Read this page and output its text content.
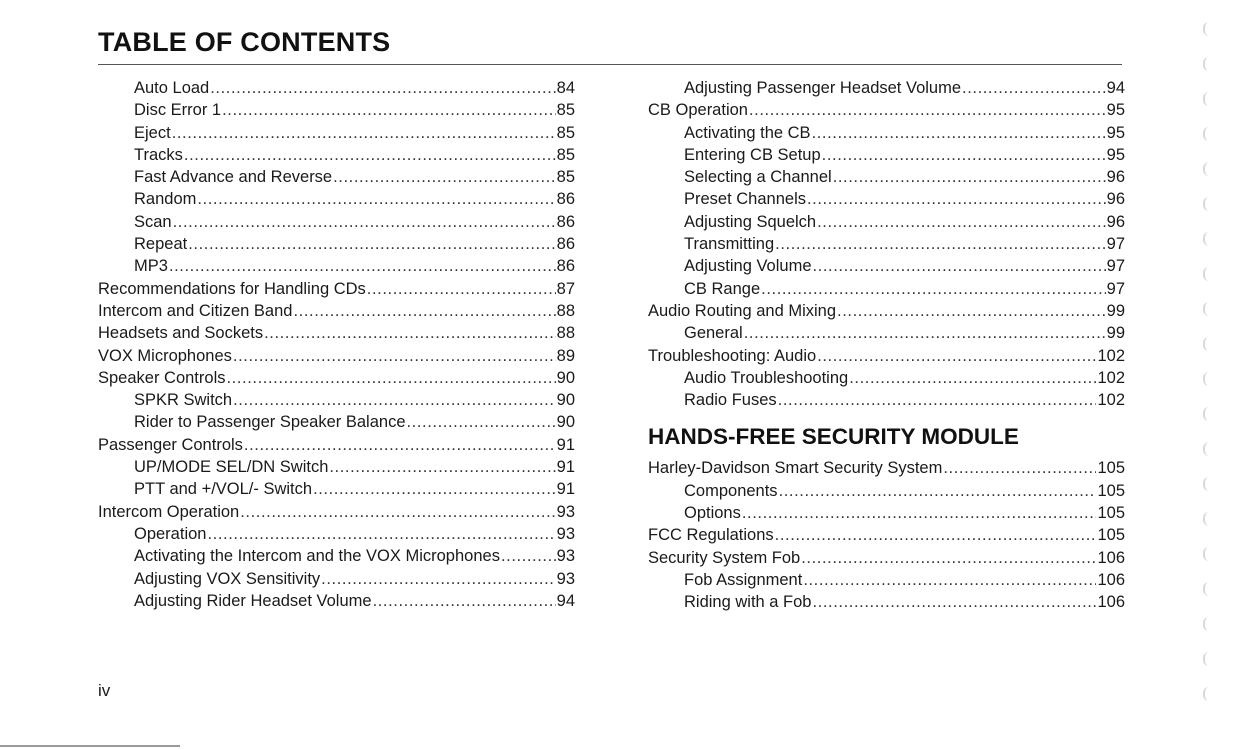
TABLE OF CONTENTS
Auto Load .....	84
Disc Error 1 .....	85
Eject .....	85
Tracks .....	85
Fast Advance and Reverse .....	85
Random .....	86
Scan .....	86
Repeat .....	86
MP3 .....	86
Recommendations for Handling CDs .....	87
Intercom and Citizen Band .....	88
Headsets and Sockets .....	88
VOX Microphones .....	89
Speaker Controls .....	90
SPKR Switch .....	90
Rider to Passenger Speaker Balance .....	90
Passenger Controls .....	91
UP/MODE SEL/DN Switch .....	91
PTT and +/VOL/- Switch .....	91
Intercom Operation .....	93
Operation .....	93
Activating the Intercom and the VOX Microphones .....	93
Adjusting VOX Sensitivity .....	93
Adjusting Rider Headset Volume .....	94
Adjusting Passenger Headset Volume .....	94
CB Operation .....	95
Activating the CB .....	95
Entering CB Setup .....	95
Selecting a Channel .....	96
Preset Channels .....	96
Adjusting Squelch .....	96
Transmitting .....	97
Adjusting Volume .....	97
CB Range .....	97
Audio Routing and Mixing .....	99
General .....	99
Troubleshooting: Audio .....	102
Audio Troubleshooting .....	102
Radio Fuses .....	102
HANDS-FREE SECURITY MODULE
Harley-Davidson Smart Security System .....	105
Components .....	105
Options .....	105
FCC Regulations .....	105
Security System Fob .....	106
Fob Assignment .....	106
Riding with a Fob .....	106
iv
